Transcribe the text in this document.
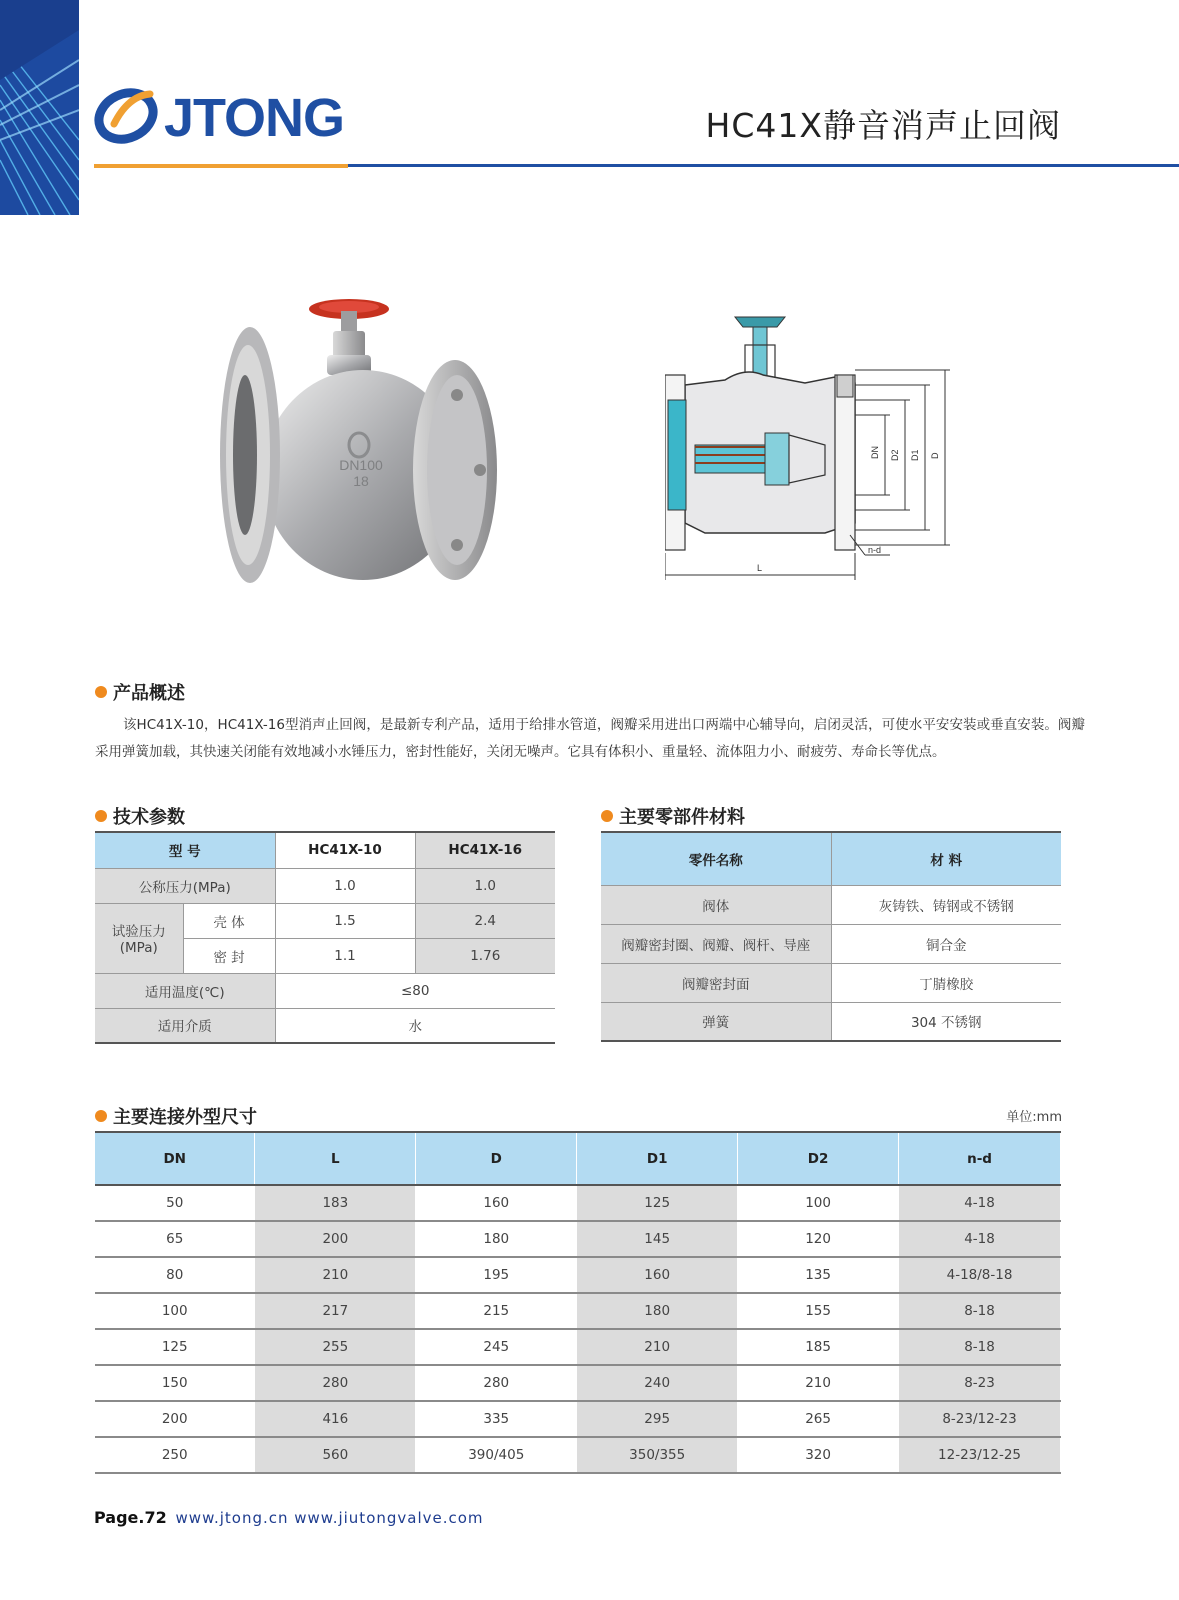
JTONG	HC41X静音消声止回阀
DN100
18
DN D2 D1 D
L
n-d
产品概述
该HC41X-10，HC41X-16型消声止回阀，是最新专利产品，适用于给排水管道，阀瓣采用进出口两端中心辅导向，启闭灵活，可使水平安安装或垂直安装。阀瓣采用弹簧加载，其快速关闭能有效地减小水锤压力，密封性能好，关闭无噪声。它具有体积小、重量轻、流体阻力小、耐疲劳、寿命长等优点。
技术参数
型 号		HC41X-10	HC41X-16
公称压力(MPa)		1.0	1.0

试验压力
(MPa)	壳 体	1.5	2.4
	密 封	1.1	1.76
适用温度(℃)		≤80	
适用介质		水	
主要零部件材料
零件名称	材 料
阀体	灰铸铁、铸钢或不锈钢
阀瓣密封圈、阀瓣、阀杆、导座	铜合金
阀瓣密封面	丁腈橡胶
弹簧	304 不锈钢
主要连接外型尺寸	单位:mm
DN	L	D	D1	D2	n-d
50	183	160	125	100	4-18
65	200	180	145	120	4-18
80	210	195	160	135	4-18/8-18
100	217	215	180	155	8-18
125	255	245	210	185	8-18
150	280	280	240	210	8-23
200	416	335	295	265	8-23/12-23
250	560	390/405	350/355	320	12-23/12-25
Page.72 www.jtong.cn www.jiutongvalve.com
